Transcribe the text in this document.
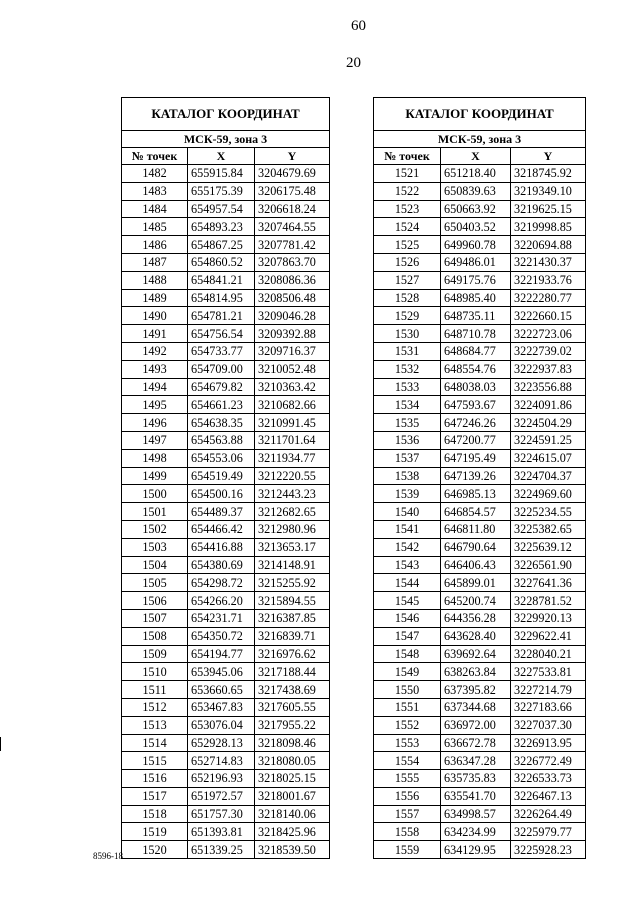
60
20
КАТАЛОГ КООРДИНАТ		
МСК-59, зона 3		
№ точек	X	Y
1482	655915.84	3204679.69
1483	655175.39	3206175.48
1484	654957.54	3206618.24
1485	654893.23	3207464.55
1486	654867.25	3207781.42
1487	654860.52	3207863.70
1488	654841.21	3208086.36
1489	654814.95	3208506.48
1490	654781.21	3209046.28
1491	654756.54	3209392.88
1492	654733.77	3209716.37
1493	654709.00	3210052.48
1494	654679.82	3210363.42
1495	654661.23	3210682.66
1496	654638.35	3210991.45
1497	654563.88	3211701.64
1498	654553.06	3211934.77
1499	654519.49	3212220.55
1500	654500.16	3212443.23
1501	654489.37	3212682.65
1502	654466.42	3212980.96
1503	654416.88	3213653.17
1504	654380.69	3214148.91
1505	654298.72	3215255.92
1506	654266.20	3215894.55
1507	654231.71	3216387.85
1508	654350.72	3216839.71
1509	654194.77	3216976.62
1510	653945.06	3217188.44
1511	653660.65	3217438.69
1512	653467.83	3217605.55
1513	653076.04	3217955.22
1514	652928.13	3218098.46
1515	652714.83	3218080.05
1516	652196.93	3218025.15
1517	651972.57	3218001.67
1518	651757.30	3218140.06
1519	651393.81	3218425.96
1520	651339.25	3218539.50
КАТАЛОГ КООРДИНАТ		
МСК-59, зона 3		
№ точек	X	Y
1521	651218.40	3218745.92
1522	650839.63	3219349.10
1523	650663.92	3219625.15
1524	650403.52	3219998.85
1525	649960.78	3220694.88
1526	649486.01	3221430.37
1527	649175.76	3221933.76
1528	648985.40	3222280.77
1529	648735.11	3222660.15
1530	648710.78	3222723.06
1531	648684.77	3222739.02
1532	648554.76	3222937.83
1533	648038.03	3223556.88
1534	647593.67	3224091.86
1535	647246.26	3224504.29
1536	647200.77	3224591.25
1537	647195.49	3224615.07
1538	647139.26	3224704.37
1539	646985.13	3224969.60
1540	646854.57	3225234.55
1541	646811.80	3225382.65
1542	646790.64	3225639.12
1543	646406.43	3226561.90
1544	645899.01	3227641.36
1545	645200.74	3228781.52
1546	644356.28	3229920.13
1547	643628.40	3229622.41
1548	639692.64	3228040.21
1549	638263.84	3227533.81
1550	637395.82	3227214.79
1551	637344.68	3227183.66
1552	636972.00	3227037.30
1553	636672.78	3226913.95
1554	636347.28	3226772.49
1555	635735.83	3226533.73
1556	635541.70	3226467.13
1557	634998.57	3226264.49
1558	634234.99	3225979.77
1559	634129.95	3225928.23
8596-18
